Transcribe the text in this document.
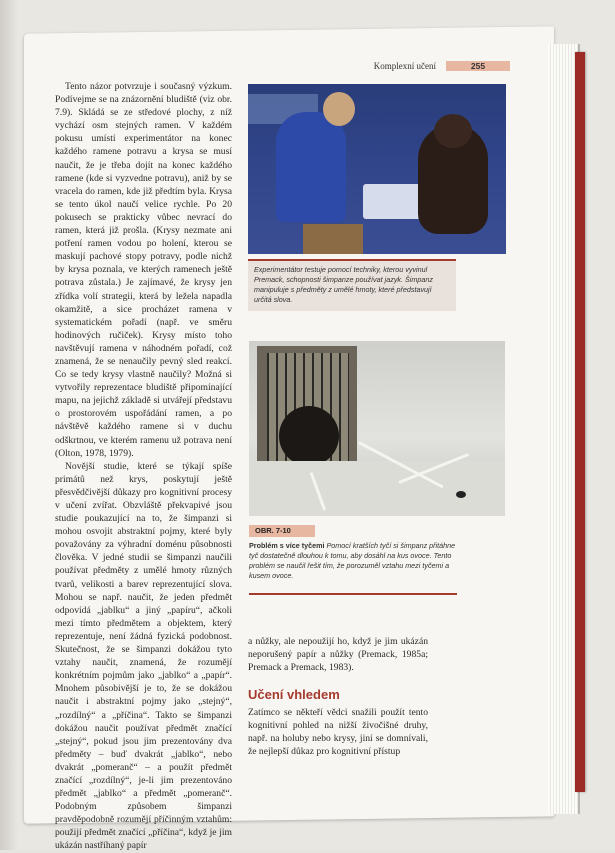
Komplexní učení	255

Tento názor potvrzuje i současný výzkum. Podívejme se na znázornění bludiště (viz obr. 7.9). Skládá se ze středové plochy, z níž vychází osm stejných ramen. V každém pokusu umístí experimentátor na konec každého ramene potravu a krysa se musí naučit, že je třeba dojít na konec každého ramene (kde si vyzvedne potravu), aniž by se vracela do ramen, kde již předtím byla. Krysa se tento úkol naučí velice rychle. Po 20 pokusech se prakticky vůbec nevrací do ramen, která již prošla. (Krysy nezmate ani potření ramen vodou po holení, kterou se maskují pachové stopy potravy, podle nichž by krysa poznala, ve kterých ramenech ještě potrava zůstala.) Je zajímavé, že krysy jen zřídka volí strategii, která by ležela napadla okamžitě, a sice procházet ramena v systematickém pořadí (např. ve směru hodinových ručiček). Krysy místo toho navštěvují ramena v náhodném pořadí, což znamená, že se nenaučily pevný sled reakcí. Co se tedy krysy vlastně naučily? Možná si vytvořily reprezentace bludiště připomínající mapu, na jejichž základě si utvářejí představu o prostorovém uspořádání ramen, a po návštěvě každého ramene si v duchu odškrtnou, ve kterém ramenu už potrava není (Olton, 1978, 1979).

Novější studie, které se týkají spíše primátů než krys, poskytují ještě přesvědčivější důkazy pro kognitivní procesy v učení zvířat. Obzvláště překvapivé jsou studie poukazující na to, že šimpanzi si mohou osvojit abstraktní pojmy, které byly považovány za výhradní doménu působnosti člověka. V jedné studii se šimpanzi naučili používat předměty z umělé hmoty různých tvarů, velikosti a barev reprezentující slova. Mohou se např. naučit, že jeden předmět odpovídá „jablku“ a jiný „papíru“, ačkoli mezi tímto předmětem a objektem, který reprezentuje, není žádná fyzická podobnost. Skutečnost, že se šimpanzi dokážou tyto vztahy naučit, znamená, že rozumějí konkrétním pojmům jako „jablko“ a „papír“. Mnohem působivější je to, že se dokážou naučit i abstraktní pojmy jako „stejný“, „rozdílný“ a „příčina“. Takto se šimpanzi dokážou naučit používat předmět značící „stejný“, pokud jsou jim prezentovány dva předměty – buď dvakrát „jablko“, nebo dvakrát „pomeranč“ – a použít předmět značící „rozdílný“, je-li jim prezentováno předmět „jablko“ a předmět „pomeranč“. Podobným způsobem šimpanzi pravděpodobně rozumějí příčinným vztahům: použijí předmět značící „příčina“, když je jim ukázán nastříhaný papír

Experimentátor testuje pomocí techniky, kterou vyvinul Premack, schopnosti šimpanze používat jazyk. Šimpanz manipuluje s předměty z umělé hmoty, které představují určitá slova.
OBR. 7-10
Problém s více tyčemi Pomocí kratších tyčí si šimpanz přitáhne tyč dostatečně dlouhou k tomu, aby dosáhl na kus ovoce. Tento problém se naučil řešit tím, že porozuměl vztahu mezi tyčemi a kusem ovoce.

a nůžky, ale nepoužijí ho, když je jim ukázán neporušený papír a nůžky (Premack, 1985a; Premack a Premack, 1983).

Učení vhledem

Zatímco se někteří vědci snažili použít tento kognitivní pohled na nižší živočišné druhy, např. na holuby nebo krysy, jiní se domnívali, že nejlepší důkaz pro kognitivní přístup
